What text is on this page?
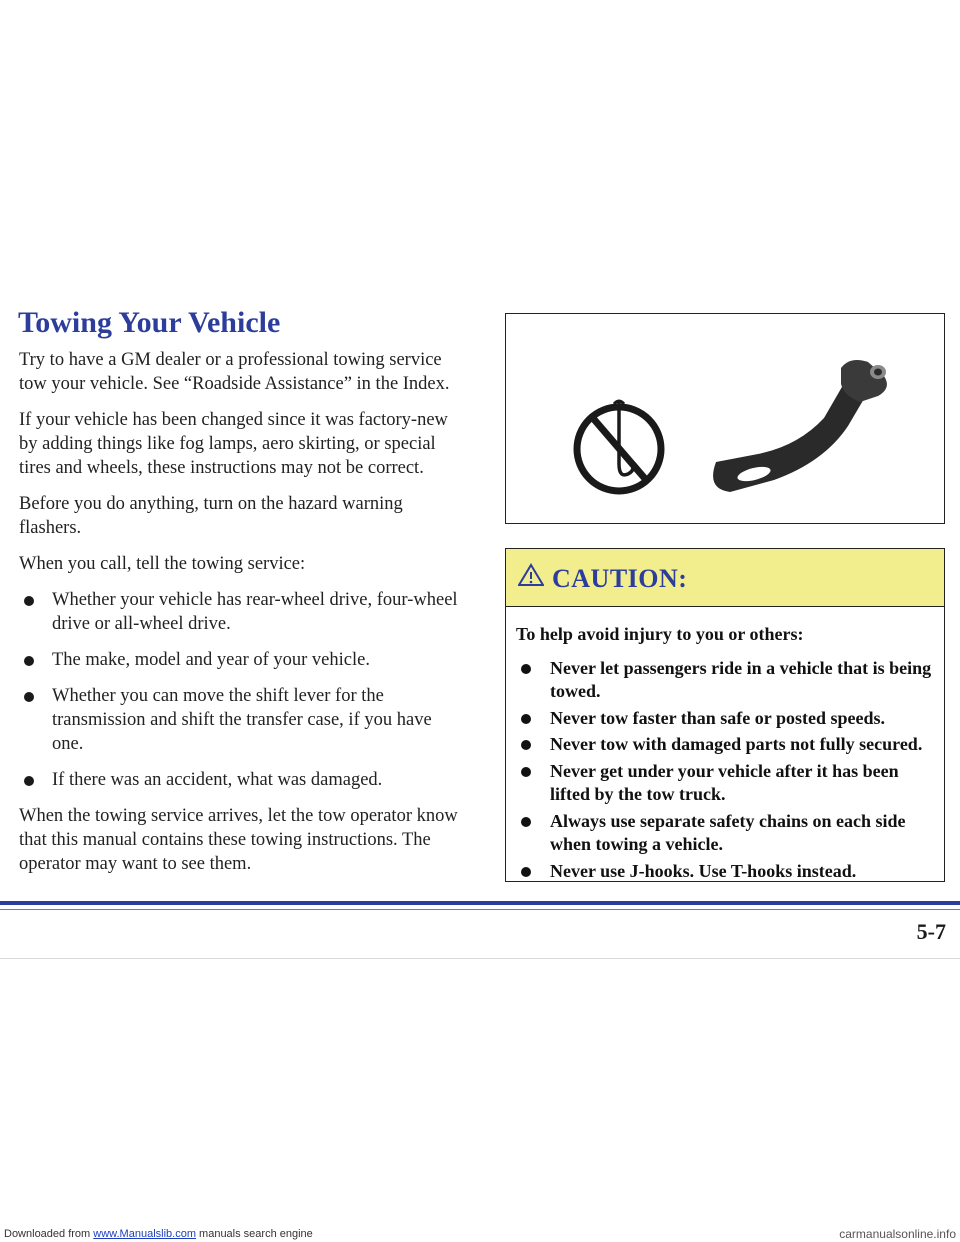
Towing Your Vehicle

Try to have a GM dealer or a professional towing service tow your vehicle. See “Roadside Assistance” in the Index.

If your vehicle has been changed since it was factory-new by adding things like fog lamps, aero skirting, or special tires and wheels, these instructions may not be correct.

Before you do anything, turn on the hazard warning flashers.

When you call, tell the towing service:

Whether your vehicle has rear-wheel drive, four-wheel drive or all-wheel drive.
The make, model and year of your vehicle.
Whether you can move the shift lever for the transmission and shift the transfer case, if you have one.
If there was an accident, what was damaged.

When the towing service arrives, let the tow operator know that this manual contains these towing instructions. The operator may want to see them.

CAUTION:

To help avoid injury to you or others:

Never let passengers ride in a vehicle that is being towed.
Never tow faster than safe or posted speeds.
Never tow with damaged parts not fully secured.
Never get under your vehicle after it has been lifted by the tow truck.
Always use separate safety chains on each side when towing a vehicle.
Never use J-hooks. Use T-hooks instead.
5-7
Downloaded from www.Manualslib.com manuals search engine	carmanualsonline.info
